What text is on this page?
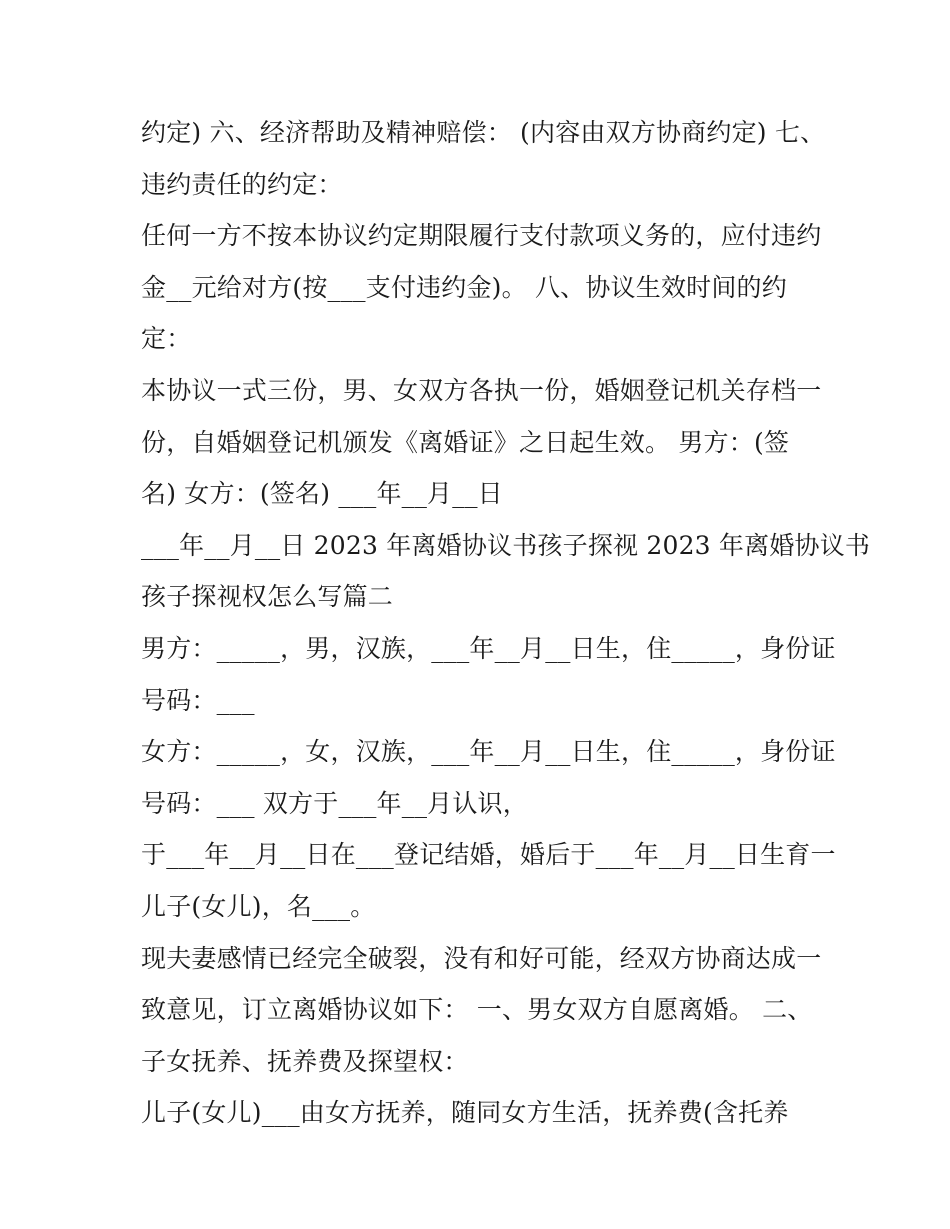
约定) 六、经济帮助及精神赔偿： (内容由双方协商约定) 七、
违约责任的约定：
任何一方不按本协议约定期限履行支付款项义务的，应付违约
金__元给对方(按___支付违约金)。 八、协议生效时间的约
定：
本协议一式三份，男、女双方各执一份，婚姻登记机关存档一
份，自婚姻登记机颁发《离婚证》之日起生效。 男方：(签
名) 女方：(签名) ___年__月__日
___年__月__日 2023 年离婚协议书孩子探视 2023 年离婚协议书
孩子探视权怎么写篇二
男方：_____，男，汉族，___年__月__日生，住_____，身份证
号码：___
女方：_____，女，汉族，___年__月__日生，住_____，身份证
号码：___ 双方于___年__月认识，
于___年__月__日在___登记结婚，婚后于___年__月__日生育一
儿子(女儿)，名___。
现夫妻感情已经完全破裂，没有和好可能，经双方协商达成一
致意见，订立离婚协议如下： 一、男女双方自愿离婚。 二、
子女抚养、抚养费及探望权：
儿子(女儿)___由女方抚养，随同女方生活，抚养费(含托养
